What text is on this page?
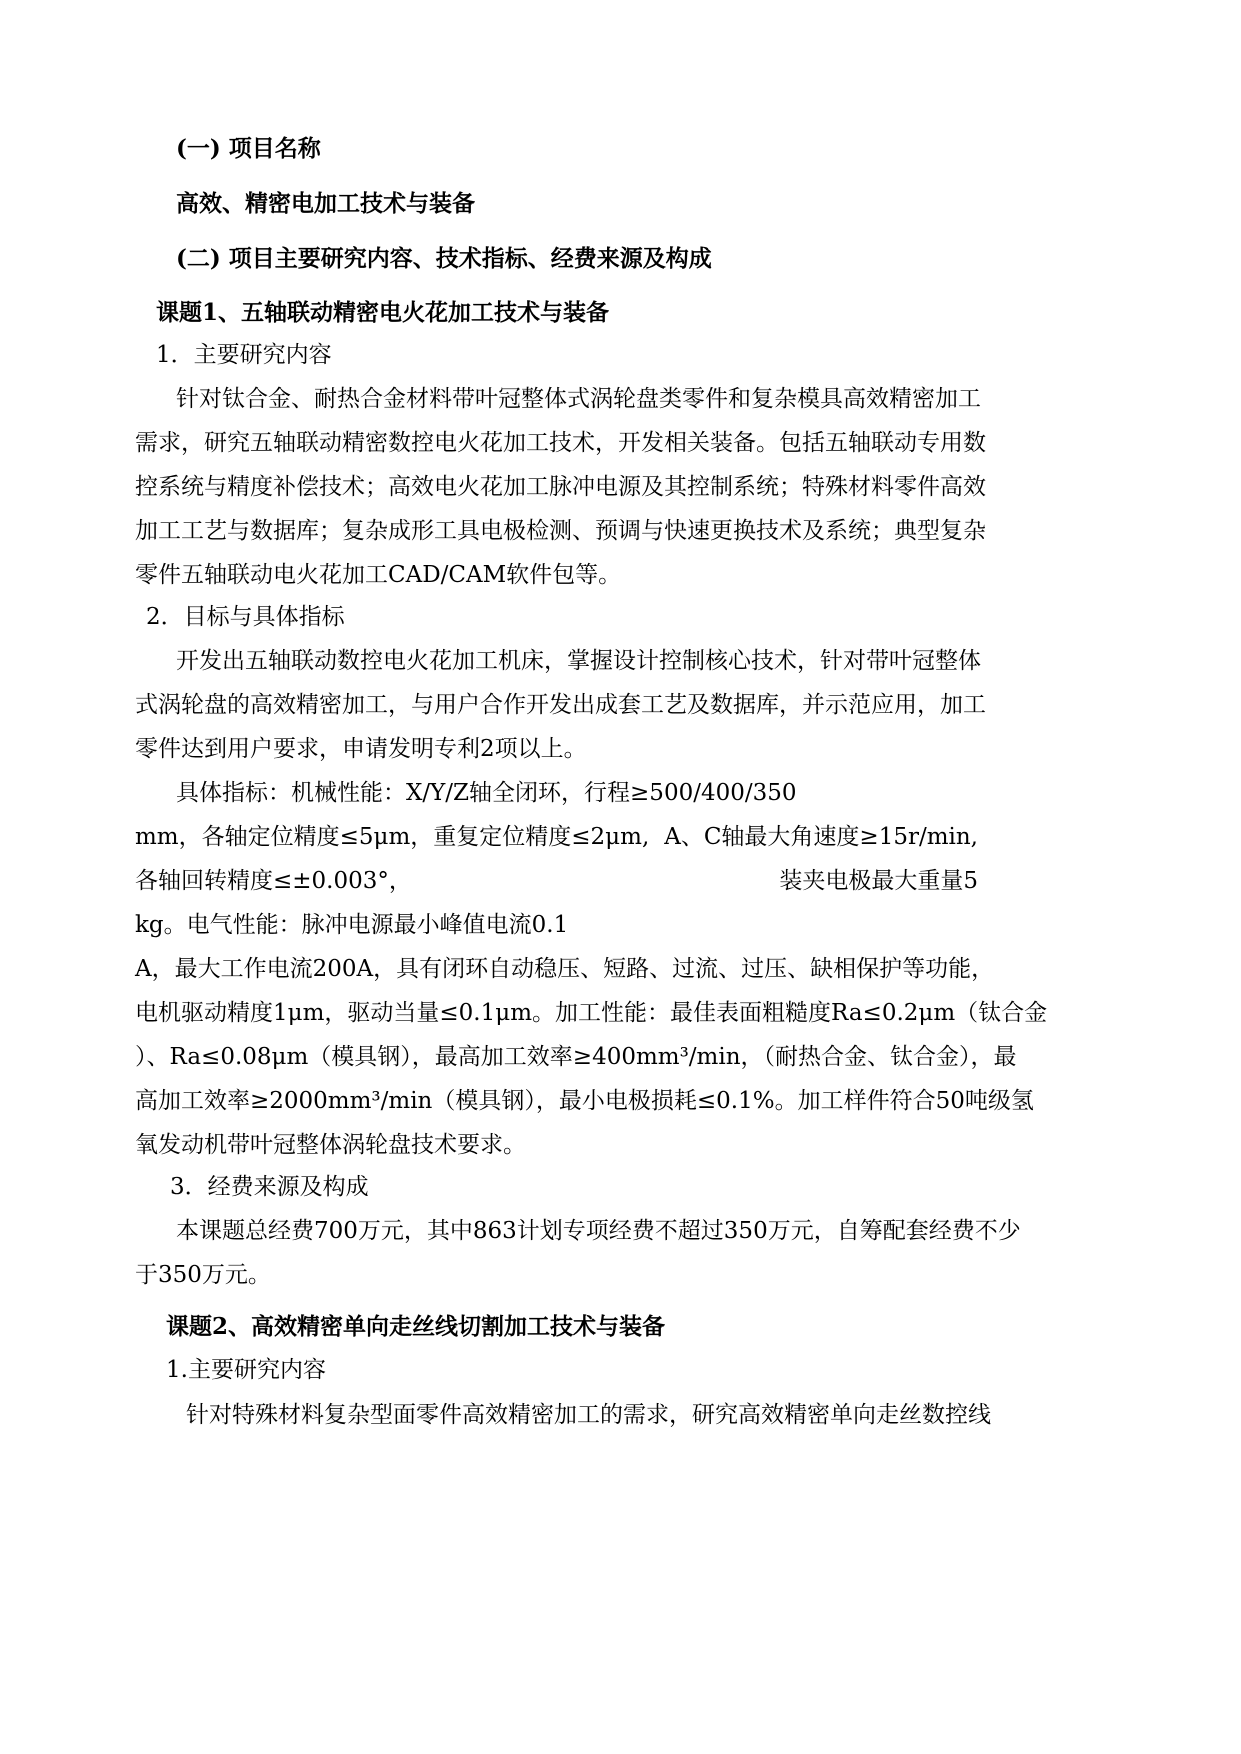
(一) 项目名称

高效、精密电加工技术与装备

(二) 项目主要研究内容、技术指标、经费来源及构成

课题1、五轴联动精密电火花加工技术与装备

1．主要研究内容

针对钛合金、耐热合金材料带叶冠整体式涡轮盘类零件和复杂模具高效精密加工

需求，研究五轴联动精密数控电火花加工技术，开发相关装备。包括五轴联动专用数

控系统与精度补偿技术；高效电火花加工脉冲电源及其控制系统；特殊材料零件高效

加工工艺与数据库；复杂成形工具电极检测、预调与快速更换技术及系统；典型复杂

零件五轴联动电火花加工CAD/CAM软件包等。

2．目标与具体指标

开发出五轴联动数控电火花加工机床，掌握设计控制核心技术，针对带叶冠整体

式涡轮盘的高效精密加工，与用户合作开发出成套工艺及数据库，并示范应用，加工

零件达到用户要求，申请发明专利2项以上。

具体指标：机械性能：X/Y/Z轴全闭环，行程≥500/400/350

mm，各轴定位精度≤5μm，重复定位精度≤2μm, A、C轴最大角速度≥15r/min,

各轴回转精度≤±0.003°，	装夹电极最大重量5

kg。电气性能：脉冲电源最小峰值电流0.1

A，最大工作电流200A，具有闭环自动稳压、短路、过流、过压、缺相保护等功能，

电机驱动精度1μm，驱动当量≤0.1μm。加工性能：最佳表面粗糙度Ra≤0.2μm（钛合金

）、Ra≤0.08μm（模具钢），最高加工效率≥400mm³/min，（耐热合金、钛合金），最

高加工效率≥2000mm³/min（模具钢），最小电极损耗≤0.1%。加工样件符合50吨级氢

氧发动机带叶冠整体涡轮盘技术要求。

3．经费来源及构成

本课题总经费700万元，其中863计划专项经费不超过350万元，自筹配套经费不少

于350万元。

课题2、高效精密单向走丝线切割加工技术与装备

1.主要研究内容

针对特殊材料复杂型面零件高效精密加工的需求，研究高效精密单向走丝数控线
